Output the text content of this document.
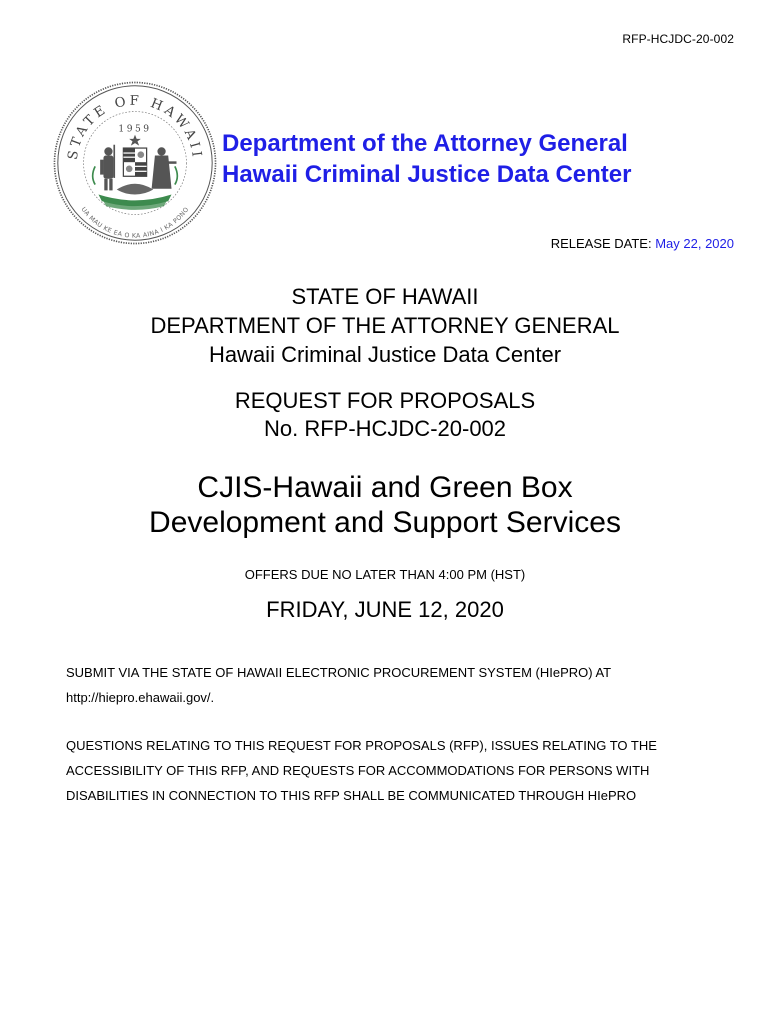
RFP-HCJDC-20-002
STATE OF HAWAII
UA MAU KE EA O KA AINA I KA PONO
1959
Department of the Attorney General
Hawaii Criminal Justice Data Center
RELEASE DATE: May 22, 2020
STATE OF HAWAII
DEPARTMENT OF THE ATTORNEY GENERAL
Hawaii Criminal Justice Data Center
REQUEST FOR PROPOSALS
No. RFP-HCJDC-20-002
CJIS-Hawaii and Green Box
Development and Support Services
OFFERS DUE NO LATER THAN 4:00 PM (HST)
FRIDAY, JUNE 12, 2020
SUBMIT VIA THE STATE OF HAWAII ELECTRONIC PROCUREMENT SYSTEM (HIePRO) AT
http://hiepro.ehawaii.gov/.
QUESTIONS RELATING TO THIS REQUEST FOR PROPOSALS (RFP), ISSUES RELATING TO THE
ACCESSIBILITY OF THIS RFP, AND REQUESTS FOR ACCOMMODATIONS FOR PERSONS WITH
DISABILITIES IN CONNECTION TO THIS RFP SHALL BE COMMUNICATED THROUGH HIePRO
